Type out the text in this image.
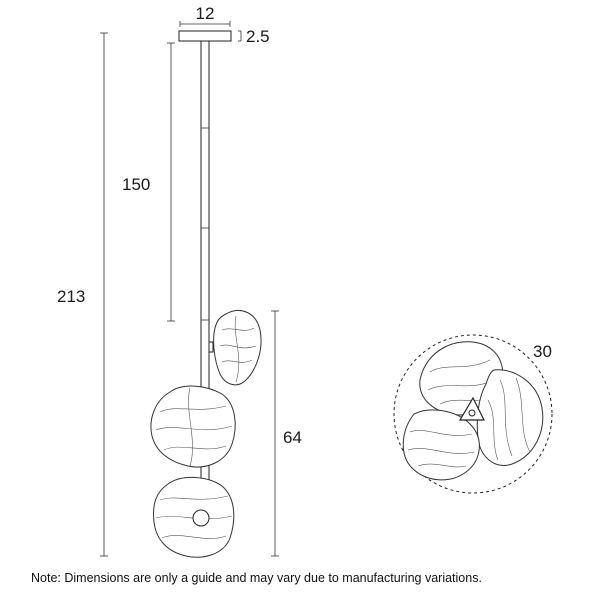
12
2.5
213
150
64
30
Note: Dimensions are only a guide and may vary due to manufacturing variations.
